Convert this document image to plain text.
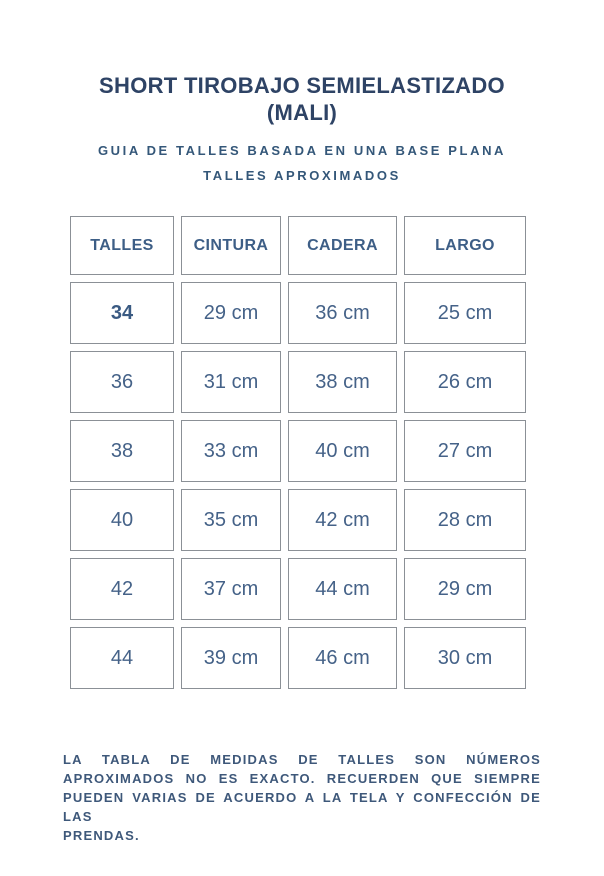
SHORT TIROBAJO SEMIELASTIZADO
(MALI)
GUIA DE TALLES BASADA EN UNA BASE PLANA
TALLES APROXIMADOS
TALLES	CINTURA	CADERA	LARGO
34	29 cm	36 cm	25 cm
36	31 cm	38 cm	26 cm
38	33 cm	40 cm	27 cm
40	35 cm	42 cm	28 cm
42	37 cm	44 cm	29 cm
44	39 cm	46 cm	30 cm
LA TABLA DE MEDIDAS DE TALLES SON NÚMEROS
APROXIMADOS NO ES EXACTO. RECUERDEN QUE SIEMPRE
PUEDEN VARIAS DE ACUERDO A LA TELA Y CONFECCIÓN DE LAS
PRENDAS.
